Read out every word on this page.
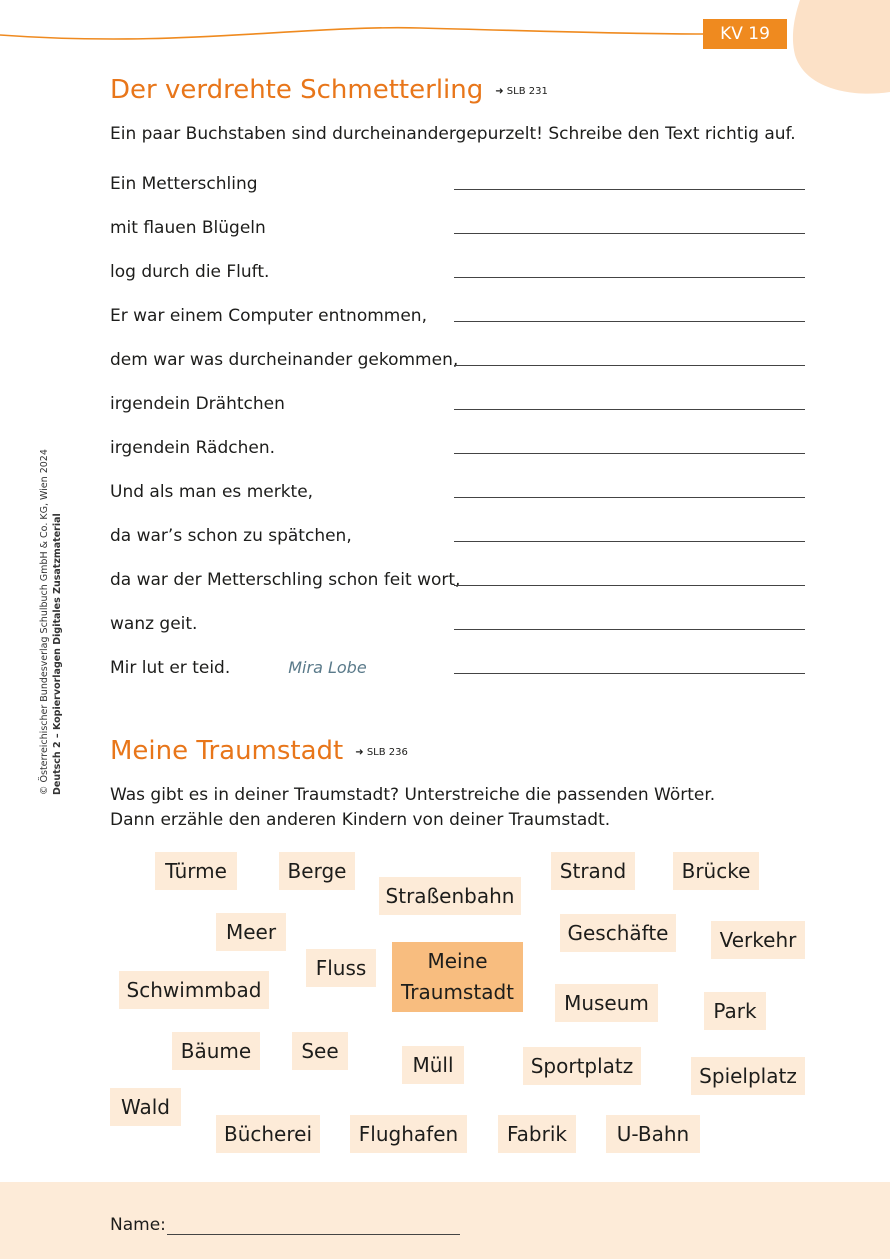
KV 19
© Österreichischer Bundesverlag Schulbuch GmbH & Co. KG, Wien 2024 Deutsch 2 – Kopiervorlagen Digitales Zusatzmaterial
Der verdrehte Schmetterling ➜ SLB 231
Ein paar Buchstaben sind durcheinandergepurzelt! Schreibe den Text richtig auf.
Ein Metterschling
mit flauen Blügeln
log durch die Fluft.
Er war einem Computer entnommen,
dem war was durcheinander gekommen,
irgendein Drähtchen
irgendein Rädchen.
Und als man es merkte,
da war’s schon zu spätchen,
da war der Metterschling schon feit wort,
wanz geit.
Mir lut er teid.	Mira Lobe
Meine Traumstadt ➜ SLB 236
Was gibt es in deiner Traumstadt? Unterstreiche die passenden Wörter.
Dann erzähle den anderen Kindern von deiner Traumstadt.
Türme	Berge
Straßenbahn
Strand	Brücke
Meer	Geschäfte	Verkehr
Fluss
Schwimmbad
Museum	Park
Bäume	See
Müll	Sportplatz	Spielplatz
Wald
Bücherei	Flughafen	Fabrik	U-Bahn
Meine
Traumstadt
Name:
